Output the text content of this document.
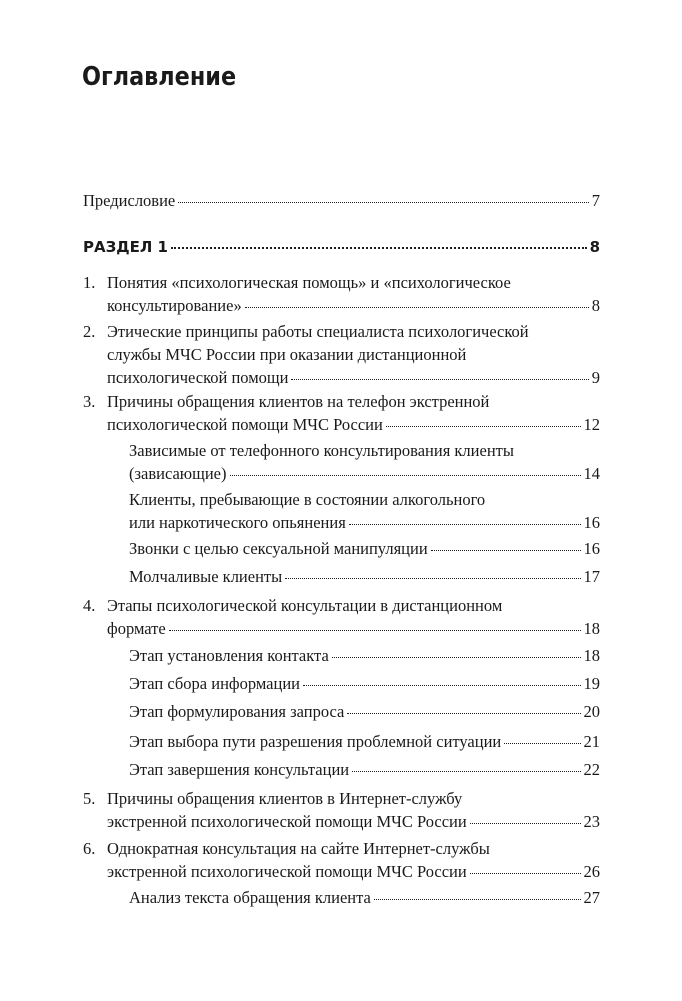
Оглавление
Предисловие	7
РАЗДЕЛ 1	8
1. Понятия «психологическая помощь» и «психологическое
консультирование»	8
2. Этические принципы работы специалиста психологической
службы МЧС России при оказании дистанционной
психологической помощи	9
3. Причины обращения клиентов на телефон экстренной
психологической помощи МЧС России	12
Зависимые от телефонного консультирования клиенты
(зависающие)	14
Клиенты, пребывающие в состоянии алкогольного
или наркотического опьянения	16
Звонки с целью сексуальной манипуляции	16
Молчаливые клиенты	17
4. Этапы психологической консультации в дистанционном
формате	18
Этап установления контакта	18
Этап сбора информации	19
Этап формулирования запроса	20
Этап выбора пути разрешения проблемной ситуации	21
Этап завершения консультации	22
5. Причины обращения клиентов в Интернет-службу
экстренной психологической помощи МЧС России	23
6. Однократная консультация на сайте Интернет-службы
экстренной психологической помощи МЧС России	26
Анализ текста обращения клиента	27
